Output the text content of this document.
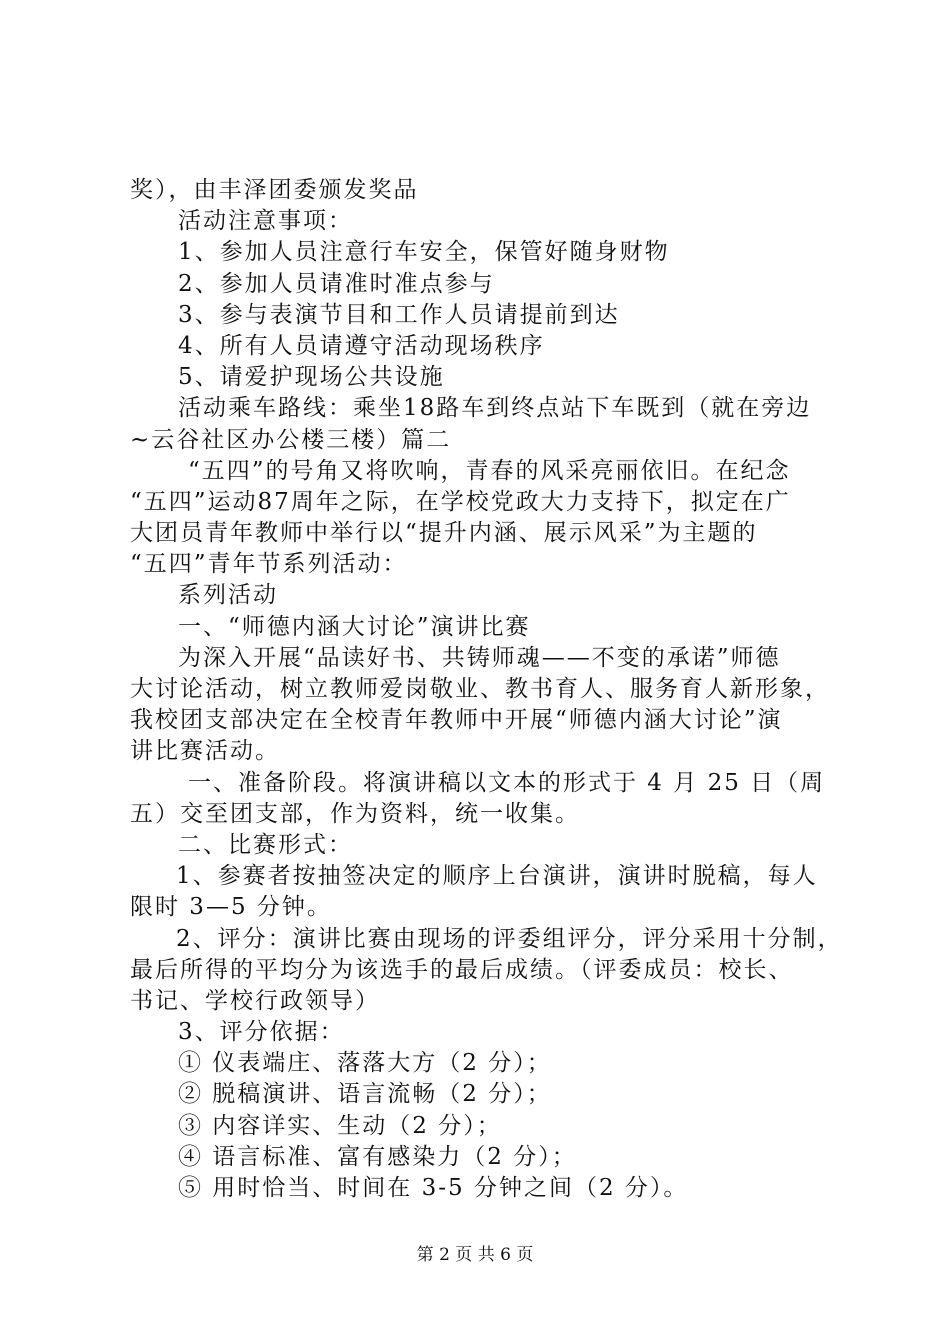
奖），由丰泽团委颁发奖品
活动注意事项：
1、参加人员注意行车安全，保管好随身财物
2、参加人员请准时准点参与
3、参与表演节目和工作人员请提前到达
4、所有人员请遵守活动现场秩序
5、请爱护现场公共设施
活动乘车路线：乘坐18路车到终点站下车既到（就在旁边
~云谷社区办公楼三楼）篇二
“五四”的号角又将吹响，青春的风采亮丽依旧。在纪念
“五四”运动87周年之际，在学校党政大力支持下，拟定在广
大团员青年教师中举行以“提升内涵、展示风采”为主题的
“五四”青年节系列活动：
系列活动
一、“师德内涵大讨论”演讲比赛
为深入开展“品读好书、共铸师魂——不变的承诺”师德
大讨论活动，树立教师爱岗敬业、教书育人、服务育人新形象，
我校团支部决定在全校青年教师中开展“师德内涵大讨论”演
讲比赛活动。
一、准备阶段。将演讲稿以文本的形式于 4 月 25 日（周
五）交至团支部，作为资料，统一收集。
二、比赛形式：
1、参赛者按抽签决定的顺序上台演讲，演讲时脱稿，每人
限时 3—5 分钟。
2、评分：演讲比赛由现场的评委组评分，评分采用十分制，
最后所得的平均分为该选手的最后成绩。（评委成员：校长、
书记、学校行政领导）
3、评分依据：
① 仪表端庄、落落大方（2 分）；
② 脱稿演讲、语言流畅（2 分）；
③ 内容详实、生动（2 分）；
④ 语言标准、富有感染力（2 分）；
⑤ 用时恰当、时间在 3-5 分钟之间（2 分）。
第 2 页 共 6 页
